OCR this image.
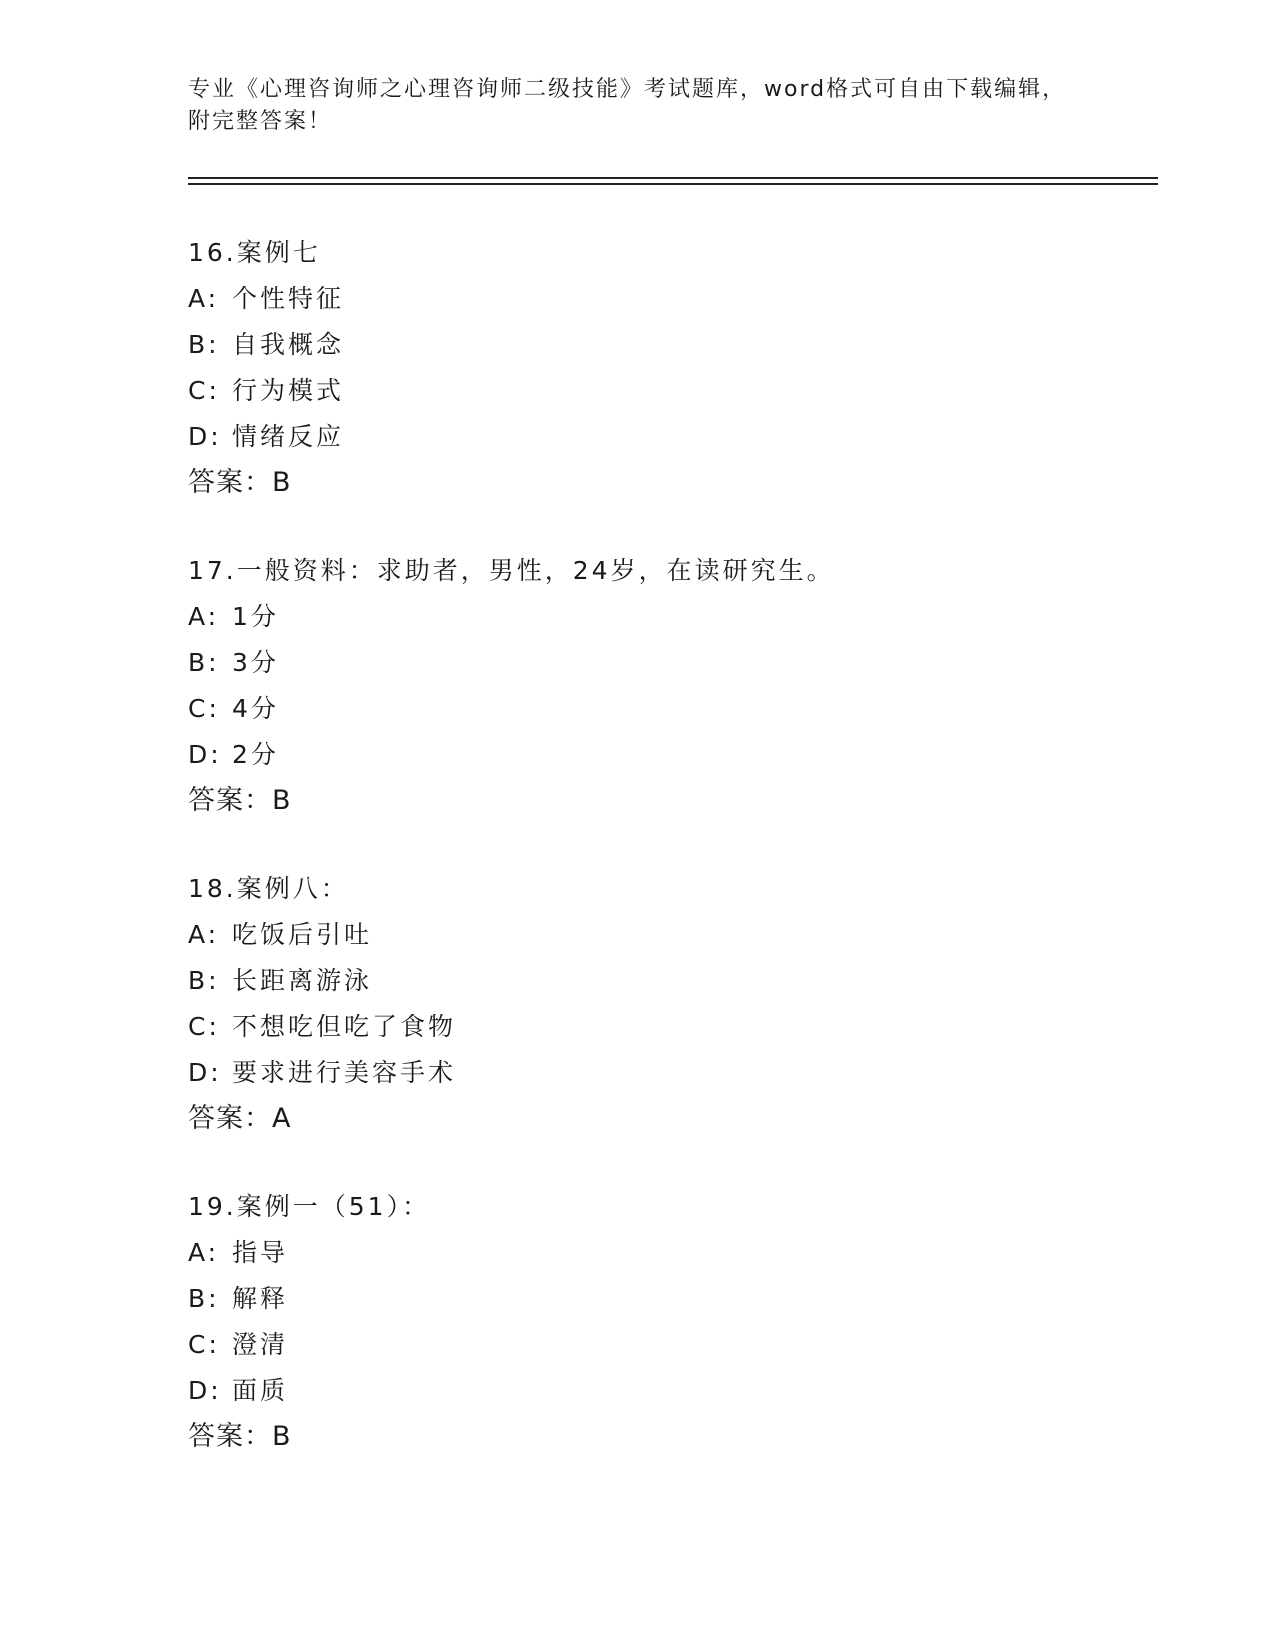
专业《心理咨询师之心理咨询师二级技能》考试题库，word格式可自由下载编辑，附完整答案！
16.案例七
A: 个性特征
B: 自我概念
C: 行为模式
D: 情绪反应
答案：B
17.一般资料：求助者，男性，24岁，在读研究生。
A: 1分
B: 3分
C: 4分
D: 2分
答案：B
18.案例八：
A: 吃饭后引吐
B: 长距离游泳
C: 不想吃但吃了食物
D: 要求进行美容手术
答案：A
19.案例一（51）：
A: 指导
B: 解释
C: 澄清
D: 面质
答案：B
